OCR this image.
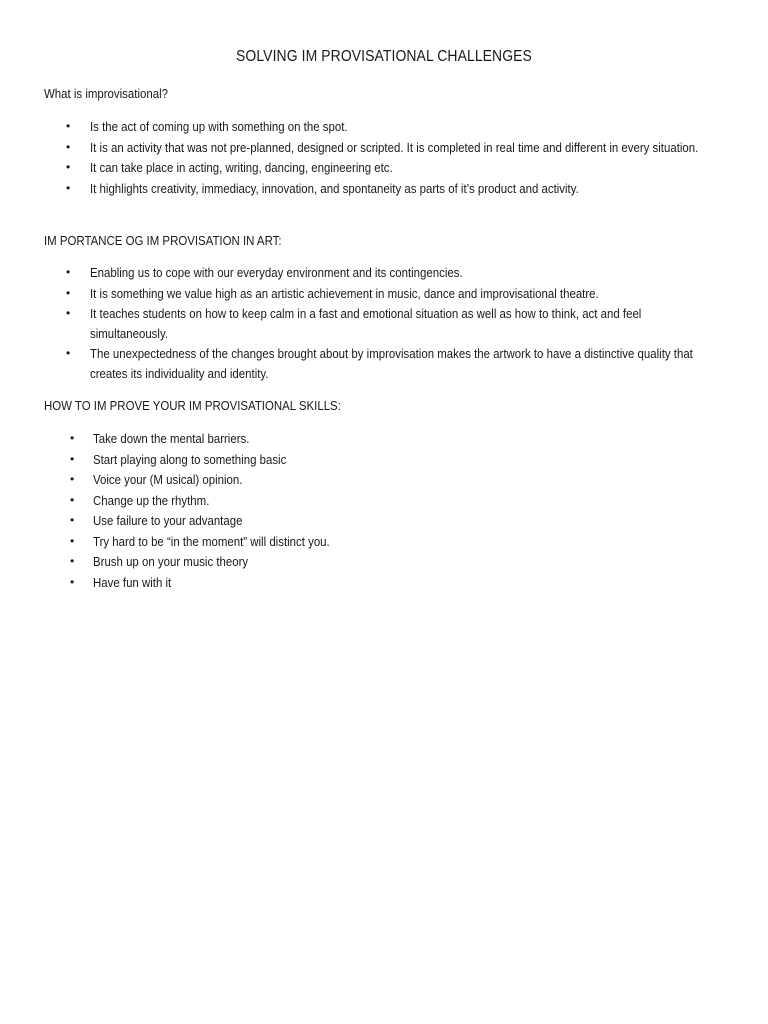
SOLVING IM PROVISATIONAL CHALLENGES
What is improvisational?
• Is the act of coming up with something on the spot.
• It is an activity that was not pre-planned, designed or scripted. It is completed in real time and different in every situation.
• It can take place in acting, writing, dancing, engineering etc.
• It highlights creativity, immediacy, innovation, and spontaneity as parts of it’s product and activity.
IM PORTANCE OG IM PROVISATION IN ART:
• Enabling us to cope with our everyday environment and its contingencies.
• It is something we value high as an artistic achievement in music, dance and improvisational theatre.
• It teaches students on how to keep calm in a fast and emotional situation as well as how to think, act and feel simultaneously.
• The unexpectedness of the changes brought about by improvisation makes the artwork to have a distinctive quality that creates its individuality and identity.
HOW TO IM PROVE YOUR IM PROVISATIONAL SKILLS:
• Take down the mental barriers.
• Start playing along to something basic
• Voice your (M usical) opinion.
• Change up the rhythm.
• Use failure to your advantage
• Try hard to be “in the moment” will distinct you.
• Brush up on your music theory
• Have fun with it
